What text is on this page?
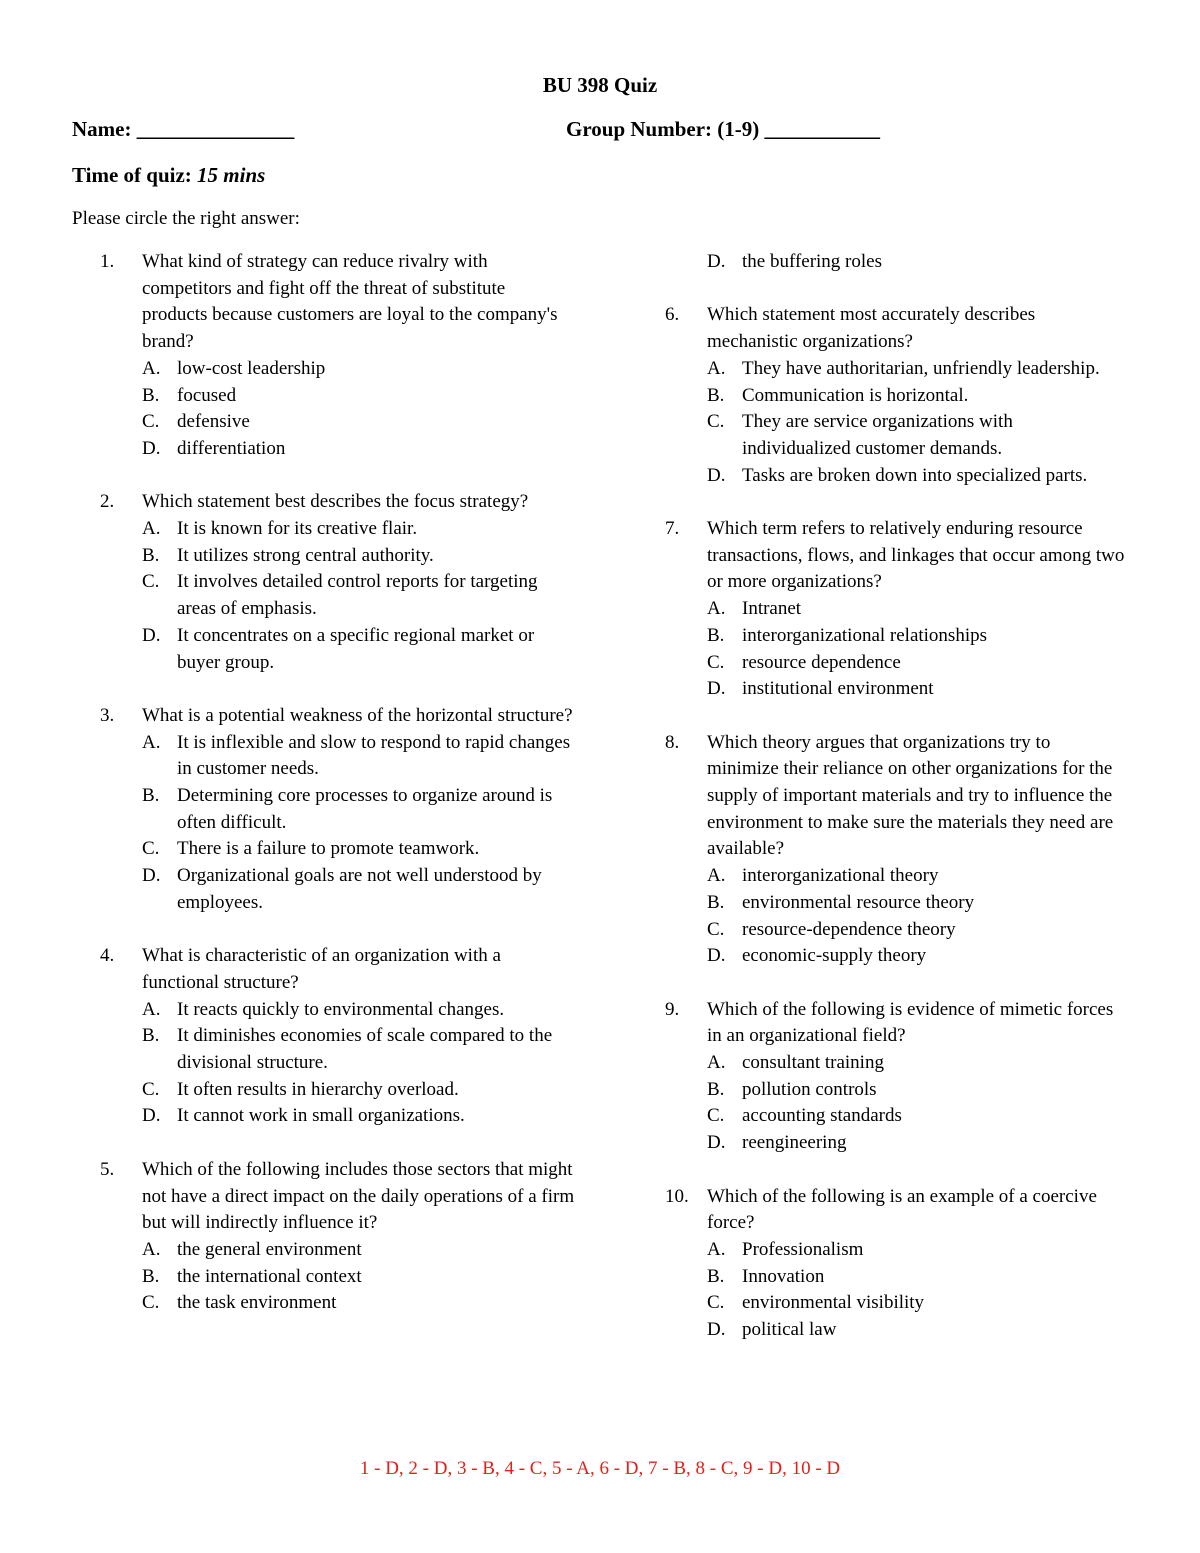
BU 398 Quiz
Name: _______________	Group Number: (1-9) ___________
Time of quiz: 15 mins
Please circle the right answer:
1.	What kind of strategy can reduce rivalry with competitors and fight off the threat of substitute products because customers are loyal to the company's brand?
A. low-cost leadership
B. focused
C. defensive
D. differentiation
2.	Which statement best describes the focus strategy?
A. It is known for its creative flair.
B. It utilizes strong central authority.
C. It involves detailed control reports for targeting areas of emphasis.
D. It concentrates on a specific regional market or buyer group.
3.	What is a potential weakness of the horizontal structure?
A. It is inflexible and slow to respond to rapid changes in customer needs.
B. Determining core processes to organize around is often difficult.
C. There is a failure to promote teamwork.
D. Organizational goals are not well understood by employees.
4.	What is characteristic of an organization with a functional structure?
A. It reacts quickly to environmental changes.
B. It diminishes economies of scale compared to the divisional structure.
C. It often results in hierarchy overload.
D. It cannot work in small organizations.
5.	Which of the following includes those sectors that might not have a direct impact on the daily operations of a firm but will indirectly influence it?
A. the general environment
B. the international context
C. the task environment
D. the buffering roles
6.	Which statement most accurately describes mechanistic organizations?
A. They have authoritarian, unfriendly leadership.
B. Communication is horizontal.
C. They are service organizations with individualized customer demands.
D. Tasks are broken down into specialized parts.
7.	Which term refers to relatively enduring resource transactions, flows, and linkages that occur among two or more organizations?
A. Intranet
B. interorganizational relationships
C. resource dependence
D. institutional environment
8.	Which theory argues that organizations try to minimize their reliance on other organizations for the supply of important materials and try to influence the environment to make sure the materials they need are available?
A. interorganizational theory
B. environmental resource theory
C. resource-dependence theory
D. economic-supply theory
9.	Which of the following is evidence of mimetic forces in an organizational field?
A. consultant training
B. pollution controls
C. accounting standards
D. reengineering
10. Which of the following is an example of a coercive force?
A. Professionalism
B. Innovation
C. environmental visibility
D. political law
1 - D, 2 - D, 3 - B, 4 - C, 5 - A, 6 - D, 7 - B, 8 - C, 9 - D, 10 - D
